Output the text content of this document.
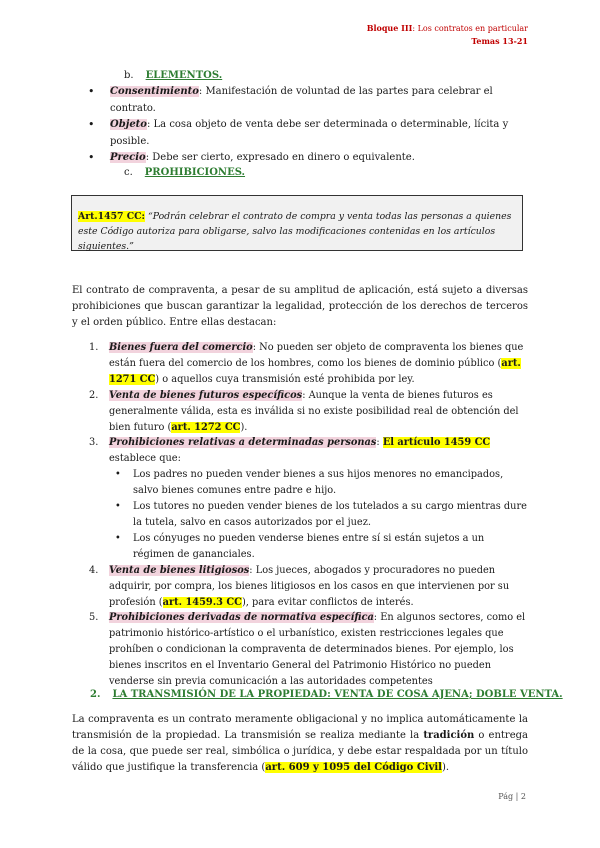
Bloque III: Los contratos en particular
Temas 13-21
b. ELEMENTOS.
• Consentimiento: Manifestación de voluntad de las partes para celebrar el contrato.
• Objeto: La cosa objeto de venta debe ser determinada o determinable, lícita y posible.
• Precio: Debe ser cierto, expresado en dinero o equivalente.
c. PROHIBICIONES.
Art.1457 CC: “Podrán celebrar el contrato de compra y venta todas las personas a quienes este Código autoriza para obligarse, salvo las modificaciones contenidas en los artículos siguientes.”
El contrato de compraventa, a pesar de su amplitud de aplicación, está sujeto a diversas prohibiciones que buscan garantizar la legalidad, protección de los derechos de terceros y el orden público. Entre ellas destacan:
1. Bienes fuera del comercio: No pueden ser objeto de compraventa los bienes que están fuera del comercio de los hombres, como los bienes de dominio público (art. 1271 CC) o aquellos cuya transmisión esté prohibida por ley.
2. Venta de bienes futuros específicos: Aunque la venta de bienes futuros es generalmente válida, esta es inválida si no existe posibilidad real de obtención del bien futuro (art. 1272 CC).
3. Prohibiciones relativas a determinadas personas: El artículo 1459 CC establece que:
• Los padres no pueden vender bienes a sus hijos menores no emancipados, salvo bienes comunes entre padre e hijo.
• Los tutores no pueden vender bienes de los tutelados a su cargo mientras dure la tutela, salvo en casos autorizados por el juez.
• Los cónyuges no pueden venderse bienes entre sí si están sujetos a un régimen de gananciales.
4. Venta de bienes litigiosos: Los jueces, abogados y procuradores no pueden adquirir, por compra, los bienes litigiosos en los casos en que intervienen por su profesión (art. 1459.3 CC), para evitar conflictos de interés.
5. Prohibiciones derivadas de normativa específica: En algunos sectores, como el patrimonio histórico-artístico o el urbanístico, existen restricciones legales que prohíben o condicionan la compraventa de determinados bienes. Por ejemplo, los bienes inscritos en el Inventario General del Patrimonio Histórico no pueden venderse sin previa comunicación a las autoridades competentes
2. LA TRANSMISIÓN DE LA PROPIEDAD: VENTA DE COSA AJENA; DOBLE VENTA.
La compraventa es un contrato meramente obligacional y no implica automáticamente la transmisión de la propiedad. La transmisión se realiza mediante la tradición o entrega de la cosa, que puede ser real, simbólica o jurídica, y debe estar respaldada por un título válido que justifique la transferencia (art. 609 y 1095 del Código Civil).
Pág | 2
